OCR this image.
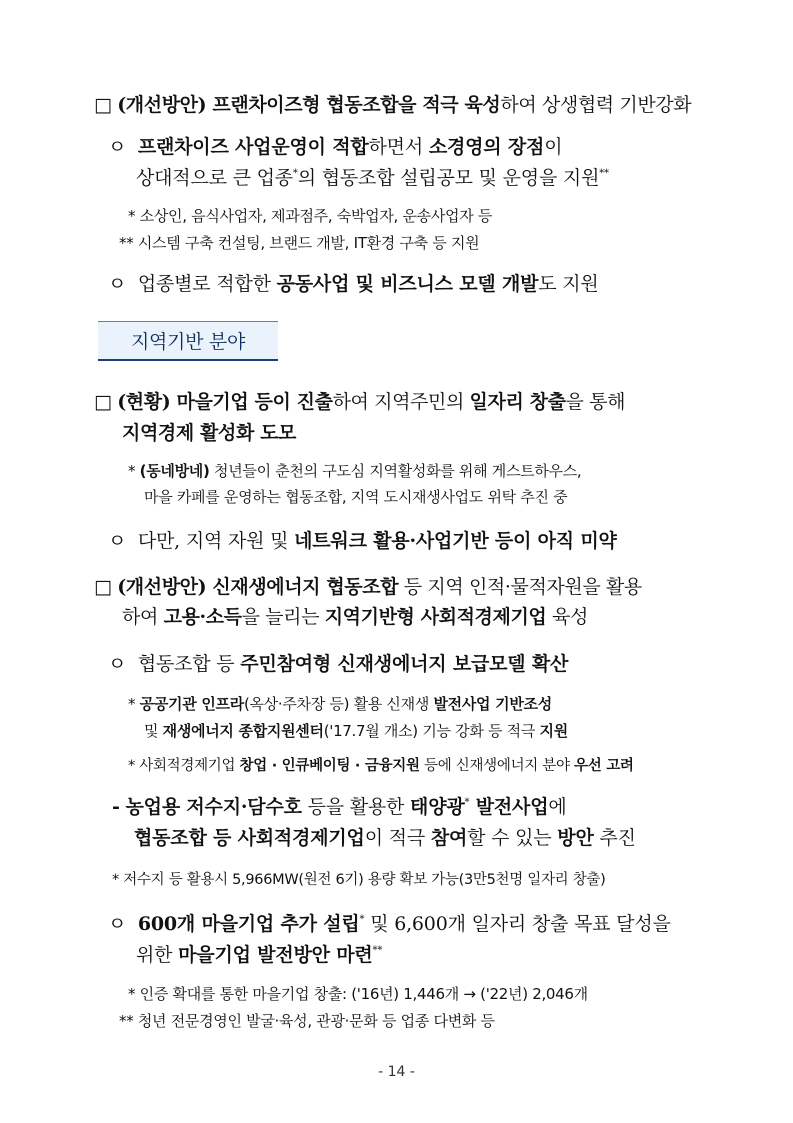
□ (개선방안) 프랜차이즈형 협동조합을 적극 육성하여 상생협력 기반강화
ㅇ 프랜차이즈 사업운영이 적합하면서 소경영의 장점이
상대적으로 큰 업종*의 협동조합 설립공모 및 운영을 지원**
* 소상인, 음식사업자, 제과점주, 숙박업자, 운송사업자 등
** 시스템 구축 컨설팅, 브랜드 개발, IT환경 구축 등 지원
ㅇ 업종별로 적합한 공동사업 및 비즈니스 모델 개발도 지원
지역기반 분야
□ (현황) 마을기업 등이 진출하여 지역주민의 일자리 창출을 통해
지역경제 활성화 도모
* (동네방네) 청년들이 춘천의 구도심 지역활성화를 위해 게스트하우스,
마을 카페를 운영하는 협동조합, 지역 도시재생사업도 위탁 추진 중
ㅇ 다만, 지역 자원 및 네트워크 활용·사업기반 등이 아직 미약
□ (개선방안) 신재생에너지 협동조합 등 지역 인적·물적자원을 활용
하여 고용·소득을 늘리는 지역기반형 사회적경제기업 육성
ㅇ 협동조합 등 주민참여형 신재생에너지 보급모델 확산
* 공공기관 인프라(옥상·주차장 등) 활용 신재생 발전사업 기반조성
및 재생에너지 종합지원센터('17.7월 개소) 기능 강화 등 적극 지원
* 사회적경제기업 창업 · 인큐베이팅 · 금융지원 등에 신재생에너지 분야 우선 고려
- 농업용 저수지·담수호 등을 활용한 태양광* 발전사업에
협동조합 등 사회적경제기업이 적극 참여할 수 있는 방안 추진
* 저수지 등 활용시 5,966MW(원전 6기) 용량 확보 가능(3만5천명 일자리 창출)
ㅇ 600개 마을기업 추가 설립* 및 6,600개 일자리 창출 목표 달성을
위한 마을기업 발전방안 마련**
* 인증 확대를 통한 마을기업 창출: ('16년) 1,446개 → ('22년) 2,046개
** 청년 전문경영인 발굴·육성, 관광·문화 등 업종 다변화 등
- 14 -
